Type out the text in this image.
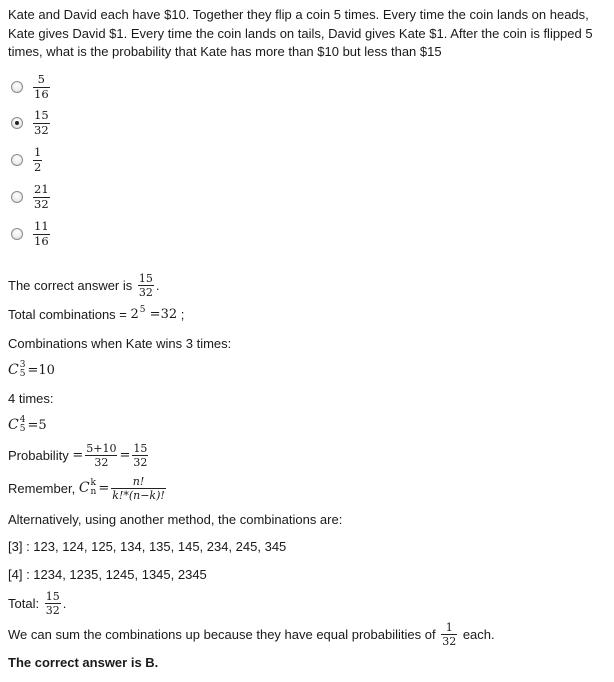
Kate and David each have $10. Together they flip a coin 5 times. Every time the coin lands on heads, Kate gives David $1. Every time the coin lands on tails, David gives Kate $1. After the coin is flipped 5 times, what is the probability that Kate has more than $10 but less than $15
$\frac{5}{16}$
$\frac{15}{32}$
$\frac{1}{2}$
$\frac{21}{32}$
$\frac{11}{16}$
The correct answer is
$\frac{15}{32}$ .
Total combinations =
$2^5 =32$
;
Combinations when Kate wins 3 times:
C 3
5 = 10
4 times:
C 4
5 = 5
Probability
= $\frac{5+10}{32} = \frac{15}{32}$
Remember,
C k
$n = \frac{n!}{k!*(n-k)!}$
Alternatively, using another method, the combinations are:
[3] : 123, 124, 125, 134, 135, 145, 234, 245, 345
[4] : 1234, 1235, 1245, 1345, 2345
Total:
$\frac{15}{32}$ .
We can sum the combinations up because they have equal probabilities of
$\frac{1}{32}$
each.
The correct answer is B.
